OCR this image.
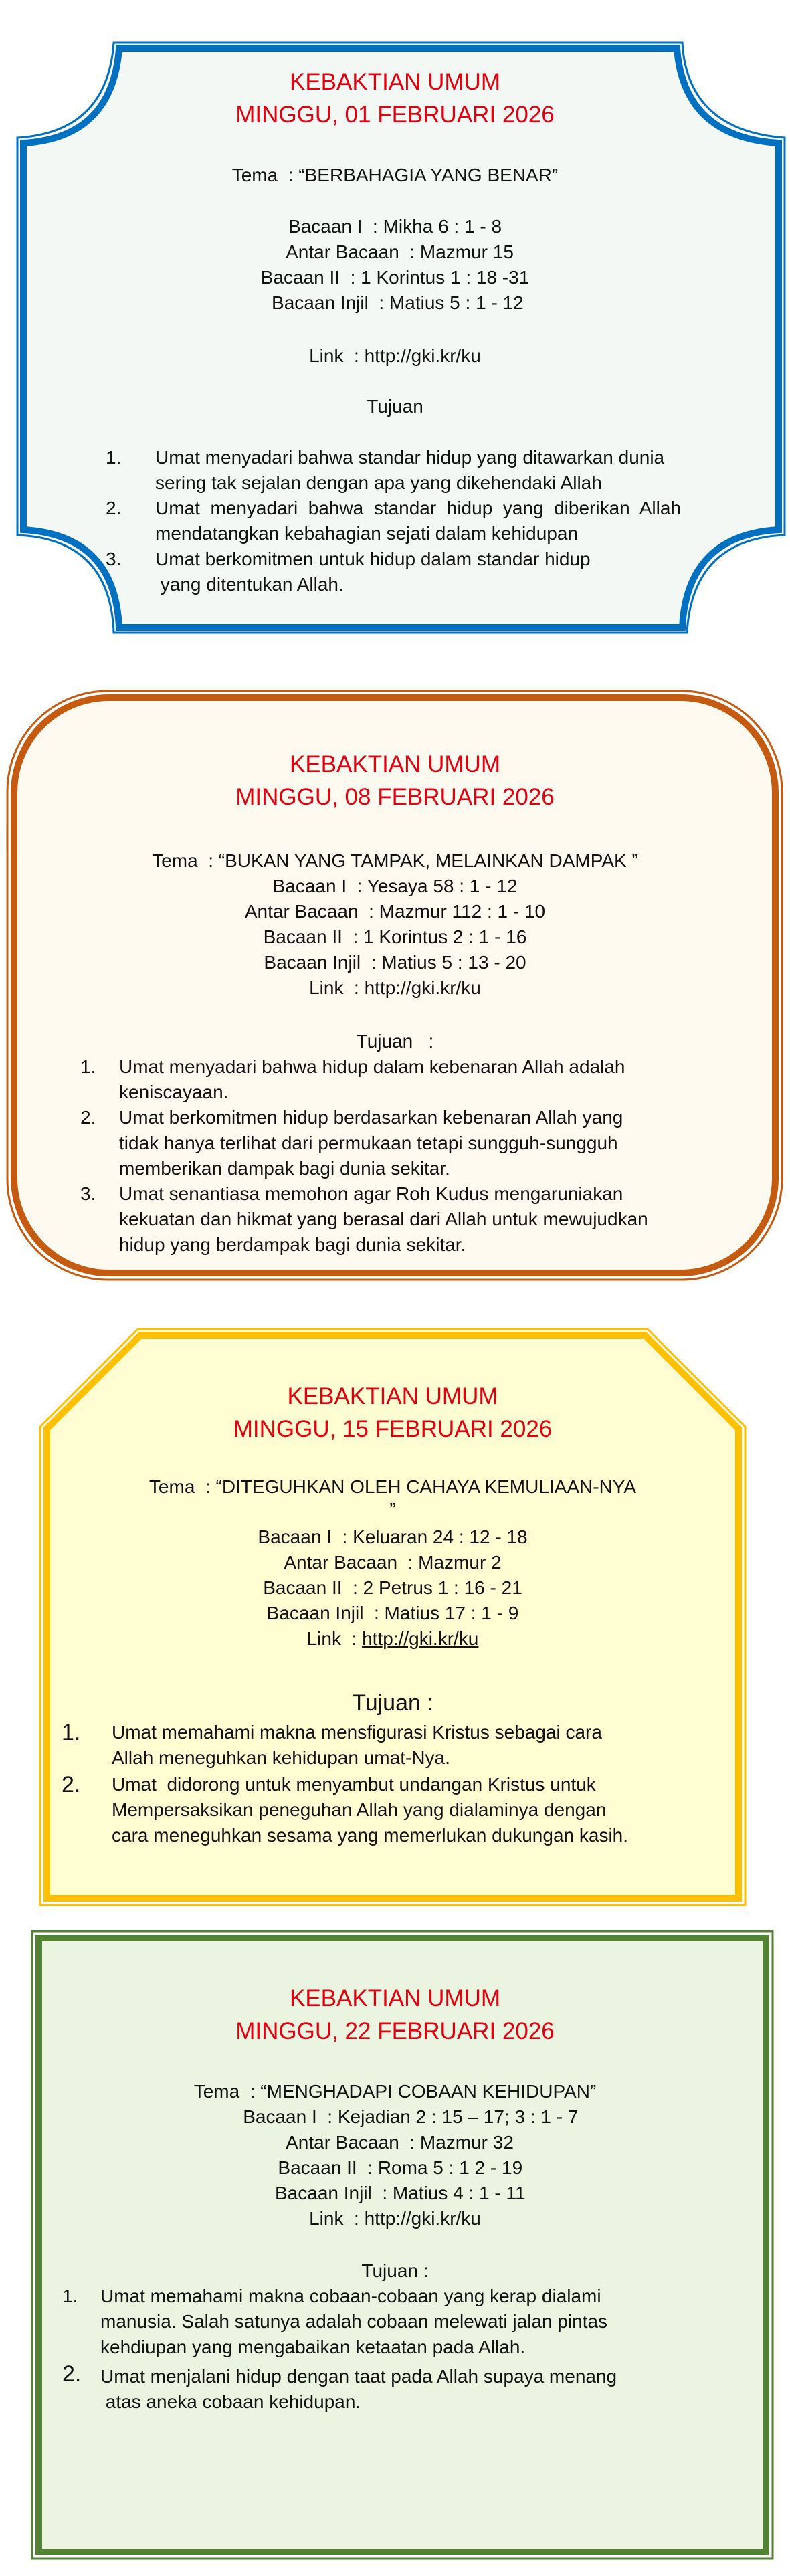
KEBAKTIAN UMUM
MINGGU, 01 FEBRUARI 2026
Tema  : “BERBAHAGIA YANG BENAR”
Bacaan I  : Mikha 6 : 1 - 8
Antar Bacaan  : Mazmur 15
Bacaan II  : 1 Korintus 1 : 18 -31
Bacaan Injil  : Matius 5 : 1 - 12
Link  : http://gki.kr/ku
Tujuan
1. Umat menyadari bahwa standar hidup yang ditawarkan dunia
sering tak sejalan dengan apa yang dikehendaki Allah
2. Umat  menyadari  bahwa  standar  hidup  yang  diberikan  Allah
mendatangkan kebahagian sejati dalam kehidupan
3. Umat berkomitmen untuk hidup dalam standar hidup
yang ditentukan Allah.
KEBAKTIAN UMUM
MINGGU, 08 FEBRUARI 2026
Tema  : “BUKAN YANG TAMPAK, MELAINKAN DAMPAK ”
Bacaan I  : Yesaya 58 : 1 - 12
Antar Bacaan  : Mazmur 112 : 1 - 10
Bacaan II  : 1 Korintus 2 : 1 - 16
Bacaan Injil  : Matius 5 : 13 - 20
Link  : http://gki.kr/ku
Tujuan   :
1. Umat menyadari bahwa hidup dalam kebenaran Allah adalah
keniscayaan.
2. Umat berkomitmen hidup berdasarkan kebenaran Allah yang
tidak hanya terlihat dari permukaan tetapi sungguh-sungguh
memberikan dampak bagi dunia sekitar.
3. Umat senantiasa memohon agar Roh Kudus mengaruniakan
kekuatan dan hikmat yang berasal dari Allah untuk mewujudkan
hidup yang berdampak bagi dunia sekitar.
KEBAKTIAN UMUM
MINGGU, 15 FEBRUARI 2026
Tema  : “DITEGUHKAN OLEH CAHAYA KEMULIAAN-NYA
”
Bacaan I  : Keluaran 24 : 12 - 18
Antar Bacaan  : Mazmur 2
Bacaan II  : 2 Petrus 1 : 16 - 21
Bacaan Injil  : Matius 17 : 1 - 9
Link  : http://gki.kr/ku
Tujuan :
1. Umat memahami makna mensfigurasi Kristus sebagai cara
Allah meneguhkan kehidupan umat-Nya.
2. Umat  didorong untuk menyambut undangan Kristus untuk
Mempersaksikan peneguhan Allah yang dialaminya dengan
cara meneguhkan sesama yang memerlukan dukungan kasih.
KEBAKTIAN UMUM
MINGGU, 22 FEBRUARI 2026
Tema  : “MENGHADAPI COBAAN KEHIDUPAN”
Bacaan I  : Kejadian 2 : 15 – 17; 3 : 1 - 7
Antar Bacaan  : Mazmur 32
Bacaan II  : Roma 5 : 1 2 - 19
Bacaan Injil  : Matius 4 : 1 - 11
Link  : http://gki.kr/ku
Tujuan :
1. Umat memahami makna cobaan-cobaan yang kerap dialami
manusia. Salah satunya adalah cobaan melewati jalan pintas
kehdiupan yang mengabaikan ketaatan pada Allah.
2. Umat menjalani hidup dengan taat pada Allah supaya menang
atas aneka cobaan kehidupan.
